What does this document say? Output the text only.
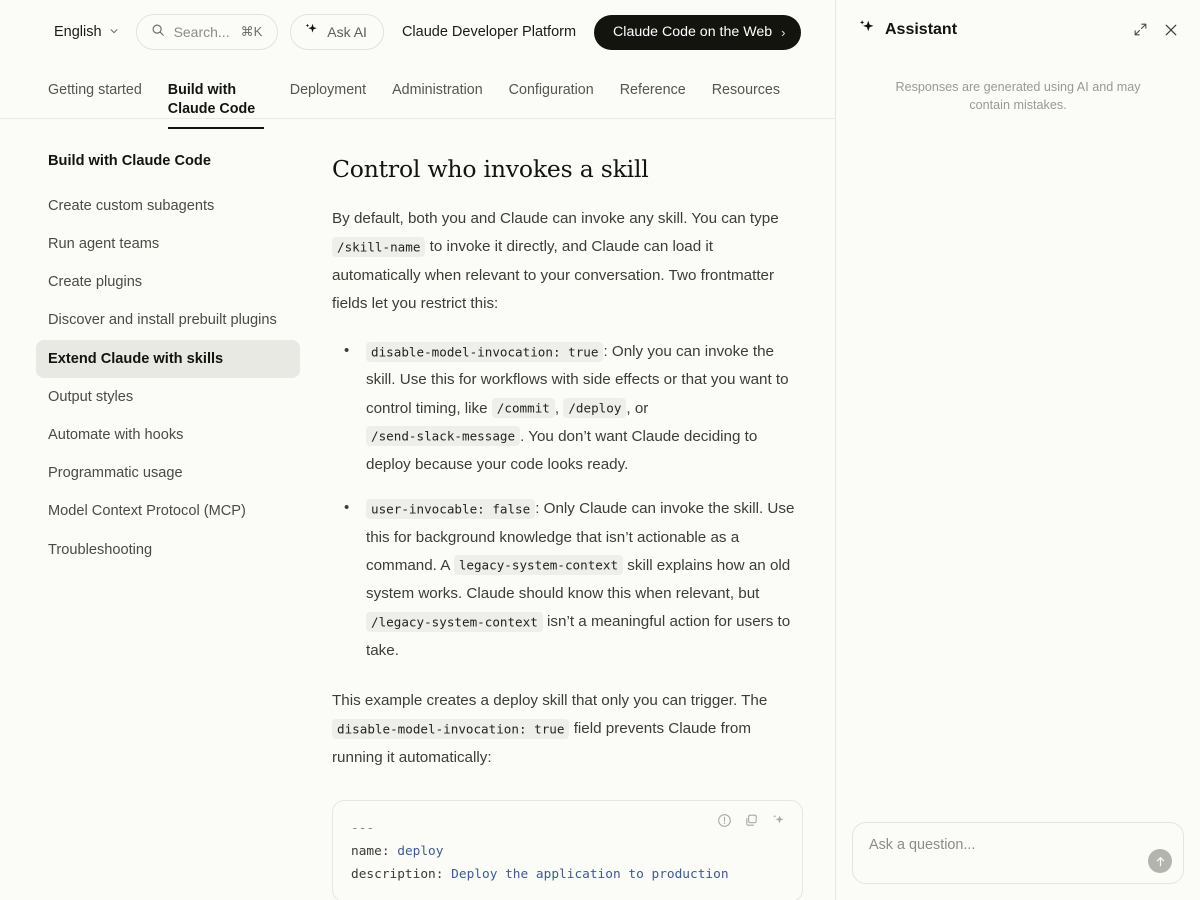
English	Search... ⌘K	Ask AI	Claude Developer Platform	Claude Code on the Web ›
Getting started Build with Claude Code
Deployment Administration Configuration Reference Resources
Build with Claude Code
Create custom subagents
Run agent teams
Create plugins
Discover and install prebuilt plugins
Extend Claude with skills
Output styles
Automate with hooks
Programmatic usage
Model Context Protocol (MCP)
Troubleshooting
Control who invokes a skill

By default, both you and Claude can invoke any skill. You can type /skill-name to invoke it directly, and Claude can load it automatically when relevant to your conversation. Two frontmatter fields let you restrict this:

• disable-model-invocation: true : Only you can invoke the skill. Use this for workflows with side effects or that you want to control timing, like /commit , /deploy , or /send-slack-message . You don’t want Claude deciding to deploy because your code looks ready.
• user-invocable: false : Only Claude can invoke the skill. Use this for background knowledge that isn’t actionable as a command. A legacy-system-context skill explains how an old system works. Claude should know this when relevant, but /legacy-system-context isn’t a meaningful action for users to take.

This example creates a deploy skill that only you can trigger. The disable-model-invocation: true field prevents Claude from running it automatically:

---
name: deploy
description: Deploy the application to production
Assistant
Responses are generated using AI and may contain mistakes.
Ask a question...
